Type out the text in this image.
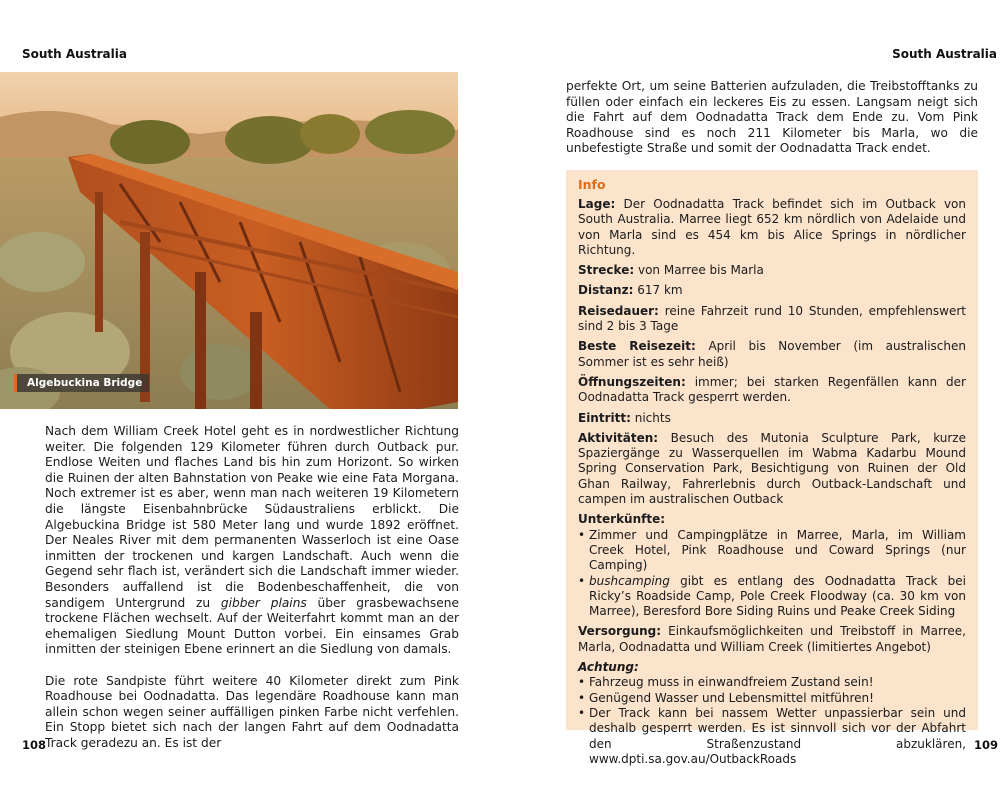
South Australia
Algebuckina Bridge

Nach dem William Creek Hotel geht es in nordwestlicher Richtung weiter. Die folgenden 129 Kilometer führen durch Outback pur. Endlose Weiten und flaches Land bis hin zum Horizont. So wirken die Ruinen der alten Bahnstation von Peake wie eine Fata Morgana. Noch extremer ist es aber, wenn man nach weiteren 19 Kilometern die längste Eisenbahnbrücke Südaustraliens erblickt. Die Algebuckina Bridge ist 580 Meter lang und wurde 1892 eröffnet. Der Neales River mit dem permanenten Wasserloch ist eine Oase inmitten der trockenen und kargen Landschaft. Auch wenn die Gegend sehr flach ist, verändert sich die Landschaft immer wieder. Besonders auffallend ist die Bodenbeschaffenheit, die von sandigem Untergrund zu gibber plains über grasbewachsene trockene Flächen wechselt. Auf der Weiterfahrt kommt man an der ehemaligen Siedlung Mount Dutton vorbei. Ein einsames Grab inmitten der steinigen Ebene erinnert an die Siedlung von damals.

Die rote Sandpiste führt weitere 40 Kilometer direkt zum Pink Roadhouse bei Oodnadatta. Das legendäre Roadhouse kann man allein schon wegen seiner auffälligen pinken Farbe nicht verfehlen. Ein Stopp bietet sich nach der langen Fahrt auf dem Oodnadatta Track geradezu an. Es ist der

108
South Australia
perfekte Ort, um seine Batterien aufzuladen, die Treibstofftanks zu füllen oder einfach ein leckeres Eis zu essen. Langsam neigt sich die Fahrt auf dem Oodnadatta Track dem Ende zu. Vom Pink Roadhouse sind es noch 211 Kilometer bis Marla, wo die unbefestigte Straße und somit der Oodnadatta Track endet.
Info
Lage: Der Oodnadatta Track befindet sich im Outback von South Australia. Marree liegt 652 km nördlich von Adelaide und von Marla sind es 454 km bis Alice Springs in nördlicher Richtung.
Strecke: von Marree bis Marla
Distanz: 617 km
Reisedauer: reine Fahrzeit rund 10 Stunden, empfehlenswert sind 2 bis 3 Tage
Beste Reisezeit: April bis November (im australischen Sommer ist es sehr heiß)
Öffnungszeiten: immer; bei starken Regenfällen kann der Oodnadatta Track gesperrt werden.
Eintritt: nichts
Aktivitäten: Besuch des Mutonia Sculpture Park, kurze Spaziergänge zu Wasserquellen im Wabma Kadarbu Mound Spring Conservation Park, Besichtigung von Ruinen der Old Ghan Railway, Fahrerlebnis durch Outback-Landschaft und campen im australischen Outback
Unterkünfte:
• Zimmer und Campingplätze in Marree, Marla, im William Creek Hotel, Pink Roadhouse und Coward Springs (nur Camping)
• bushcamping gibt es entlang des Oodnadatta Track bei Ricky’s Roadside Camp, Pole Creek Floodway (ca. 30 km von Marree), Beresford Bore Siding Ruins und Peake Creek Siding
Versorgung: Einkaufsmöglichkeiten und Treibstoff in Marree, Marla, Oodnadatta und William Creek (limitiertes Angebot)
Achtung:
• Fahrzeug muss in einwandfreiem Zustand sein!
• Genügend Wasser und Lebensmittel mitführen!
• Der Track kann bei nassem Wetter unpassierbar sein und deshalb gesperrt werden. Es ist sinnvoll sich vor der Abfahrt den Straßenzustand abzuklären, www.dpti.sa.gov.au/OutbackRoads
109
